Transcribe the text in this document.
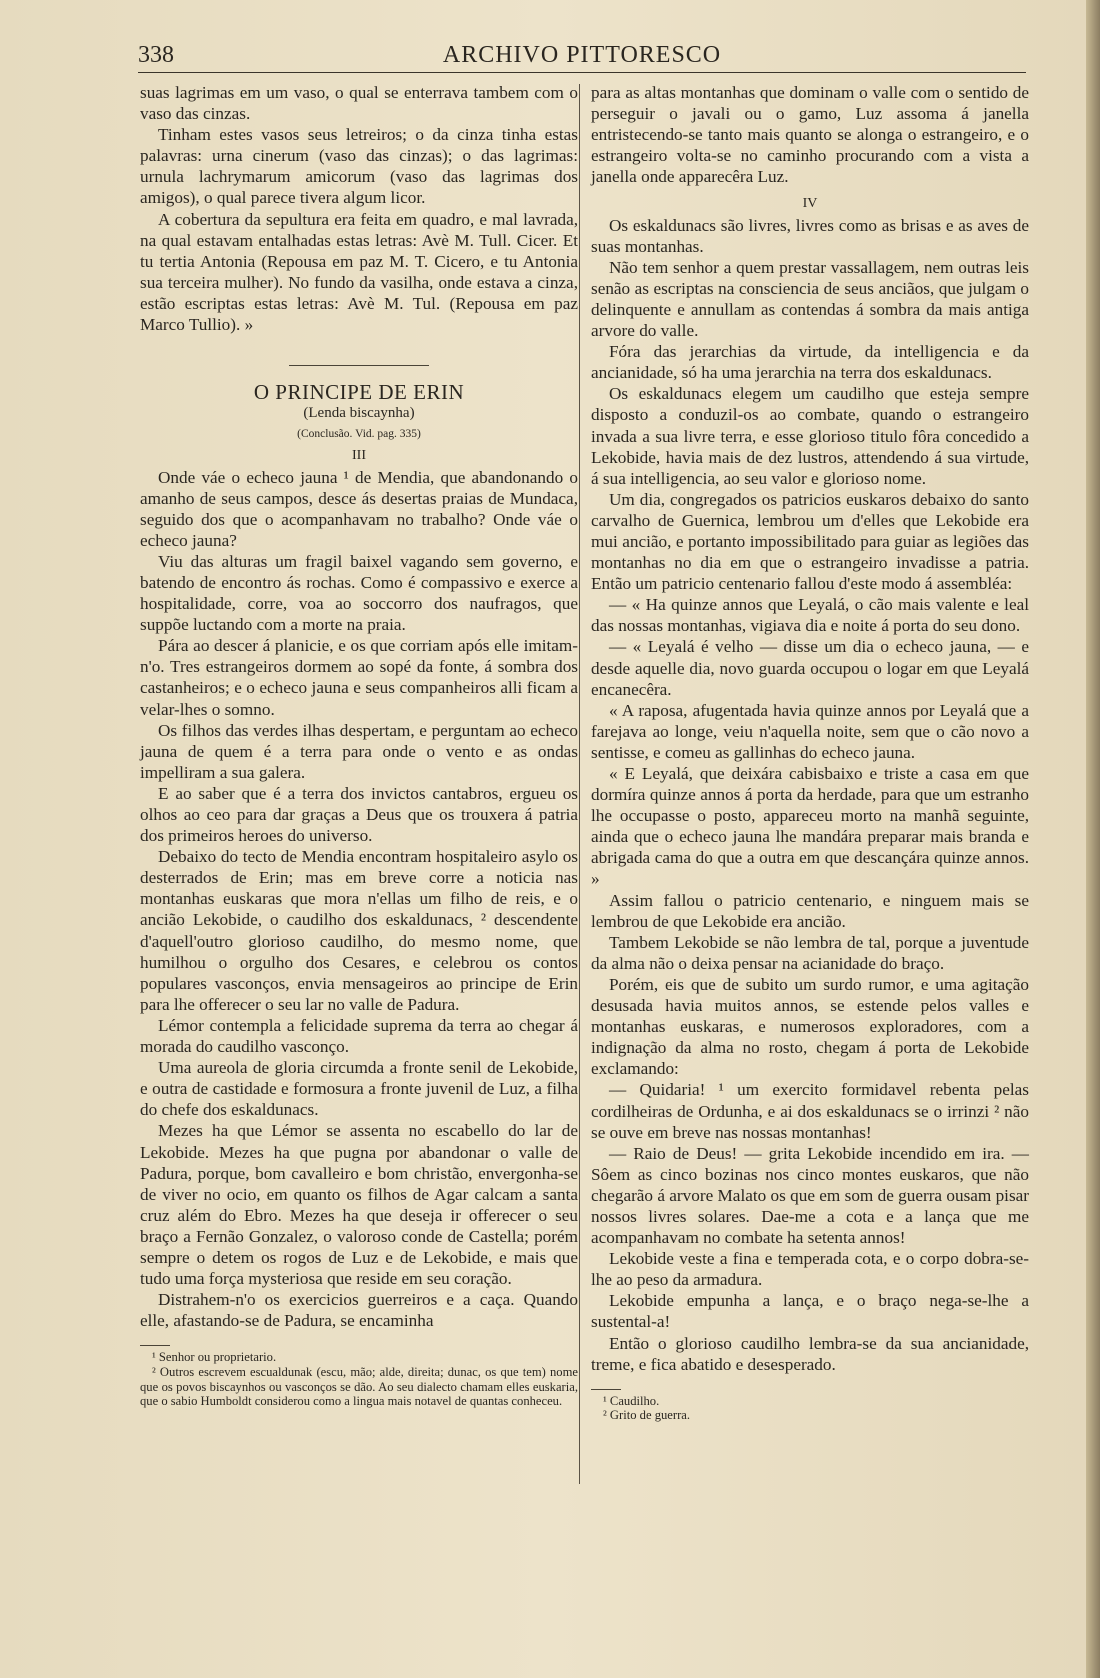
338	ARCHIVO PITTORESCO

suas lagrimas em um vaso, o qual se enterrava tambem com o vaso das cinzas.

Tinham estes vasos seus letreiros; o da cinza tinha estas palavras: urna cinerum (vaso das cinzas); o das lagrimas: urnula lachrymarum amicorum (vaso das lagrimas dos amigos), o qual parece tivera algum licor.

A cobertura da sepultura era feita em quadro, e mal lavrada, na qual estavam entalhadas estas letras: Avè M. Tull. Cicer. Et tu tertia Antonia (Repousa em paz M. T. Cicero, e tu Antonia sua terceira mulher). No fundo da vasilha, onde estava a cinza, estão escriptas estas letras: Avè M. Tul. (Repousa em paz Marco Tullio). »

O PRINCIPE DE ERIN

(Lenda biscaynha)

(Conclusão. Vid. pag. 335)

III

Onde váe o echeco jauna ¹ de Mendia, que abandonando o amanho de seus campos, desce ás desertas praias de Mundaca, seguido dos que o acompanhavam no trabalho? Onde váe o echeco jauna?

Viu das alturas um fragil baixel vagando sem governo, e batendo de encontro ás rochas. Como é compassivo e exerce a hospitalidade, corre, voa ao soccorro dos naufragos, que suppõe luctando com a morte na praia.

Pára ao descer á planicie, e os que corriam após elle imitam-n'o. Tres estrangeiros dormem ao sopé da fonte, á sombra dos castanheiros; e o echeco jauna e seus companheiros alli ficam a velar-lhes o somno.

Os filhos das verdes ilhas despertam, e perguntam ao echeco jauna de quem é a terra para onde o vento e as ondas impelliram a sua galera.

E ao saber que é a terra dos invictos cantabros, ergueu os olhos ao ceo para dar graças a Deus que os trouxera á patria dos primeiros heroes do universo.

Debaixo do tecto de Mendia encontram hospitaleiro asylo os desterrados de Erin; mas em breve corre a noticia nas montanhas euskaras que mora n'ellas um filho de reis, e o ancião Lekobide, o caudilho dos eskaldunacs, ² descendente d'aquell'outro glorioso caudilho, do mesmo nome, que humilhou o orgulho dos Cesares, e celebrou os contos populares vasconços, envia mensageiros ao principe de Erin para lhe offerecer o seu lar no valle de Padura.

Lémor contempla a felicidade suprema da terra ao chegar á morada do caudilho vasconço.

Uma aureola de gloria circumda a fronte senil de Lekobide, e outra de castidade e formosura a fronte juvenil de Luz, a filha do chefe dos eskaldunacs.

Mezes ha que Lémor se assenta no escabello do lar de Lekobide. Mezes ha que pugna por abandonar o valle de Padura, porque, bom cavalleiro e bom christão, envergonha-se de viver no ocio, em quanto os filhos de Agar calcam a santa cruz além do Ebro. Mezes ha que deseja ir offerecer o seu braço a Fernão Gonzalez, o valoroso conde de Castella; porém sempre o detem os rogos de Luz e de Lekobide, e mais que tudo uma força mysteriosa que reside em seu coração.

Distrahem-n'o os exercicios guerreiros e a caça. Quando elle, afastando-se de Padura, se encaminha

¹ Senhor ou proprietario.

² Outros escrevem escualdunak (escu, mão; alde, direita; dunac, os que tem) nome que os povos biscaynhos ou vasconços se dão. Ao seu dialecto chamam elles euskaria, que o sabio Humboldt considerou como a lingua mais notavel de quantas conheceu.

para as altas montanhas que dominam o valle com o sentido de perseguir o javali ou o gamo, Luz assoma á janella entristecendo-se tanto mais quanto se alonga o estrangeiro, e o estrangeiro volta-se no caminho procurando com a vista a janella onde apparecêra Luz.

IV

Os eskaldunacs são livres, livres como as brisas e as aves de suas montanhas.

Não tem senhor a quem prestar vassallagem, nem outras leis senão as escriptas na consciencia de seus anciãos, que julgam o delinquente e annullam as contendas á sombra da mais antiga arvore do valle.

Fóra das jerarchias da virtude, da intelligencia e da ancianidade, só ha uma jerarchia na terra dos eskaldunacs.

Os eskaldunacs elegem um caudilho que esteja sempre disposto a conduzil-os ao combate, quando o estrangeiro invada a sua livre terra, e esse glorioso titulo fôra concedido a Lekobide, havia mais de dez lustros, attendendo á sua virtude, á sua intelligencia, ao seu valor e glorioso nome.

Um dia, congregados os patricios euskaros debaixo do santo carvalho de Guernica, lembrou um d'elles que Lekobide era mui ancião, e portanto impossibilitado para guiar as legiões das montanhas no dia em que o estrangeiro invadisse a patria. Então um patricio centenario fallou d'este modo á assembléa:

— « Ha quinze annos que Leyalá, o cão mais valente e leal das nossas montanhas, vigiava dia e noite á porta do seu dono.

— « Leyalá é velho — disse um dia o echeco jauna, — e desde aquelle dia, novo guarda occupou o logar em que Leyalá encanecêra.

« A raposa, afugentada havia quinze annos por Leyalá que a farejava ao longe, veiu n'aquella noite, sem que o cão novo a sentisse, e comeu as gallinhas do echeco jauna.

« E Leyalá, que deixára cabisbaixo e triste a casa em que dormíra quinze annos á porta da herdade, para que um estranho lhe occupasse o posto, appareceu morto na manhã seguinte, ainda que o echeco jauna lhe mandára preparar mais branda e abrigada cama do que a outra em que descançára quinze annos. »

Assim fallou o patricio centenario, e ninguem mais se lembrou de que Lekobide era ancião.

Tambem Lekobide se não lembra de tal, porque a juventude da alma não o deixa pensar na acianidade do braço.

Porém, eis que de subito um surdo rumor, e uma agitação desusada havia muitos annos, se estende pelos valles e montanhas euskaras, e numerosos exploradores, com a indignação da alma no rosto, chegam á porta de Lekobide exclamando:

— Quidaria! ¹ um exercito formidavel rebenta pelas cordilheiras de Ordunha, e ai dos eskaldunacs se o irrinzi ² não se ouve em breve nas nossas montanhas!

— Raio de Deus! — grita Lekobide incendido em ira. — Sôem as cinco bozinas nos cinco montes euskaros, que não chegarão á arvore Malato os que em som de guerra ousam pisar nossos livres solares. Dae-me a cota e a lança que me acompanhavam no combate ha setenta annos!

Lekobide veste a fina e temperada cota, e o corpo dobra-se-lhe ao peso da armadura.

Lekobide empunha a lança, e o braço nega-se-lhe a sustental-a!

Então o glorioso caudilho lembra-se da sua ancianidade, treme, e fica abatido e desesperado.

¹ Caudilho.

² Grito de guerra.
